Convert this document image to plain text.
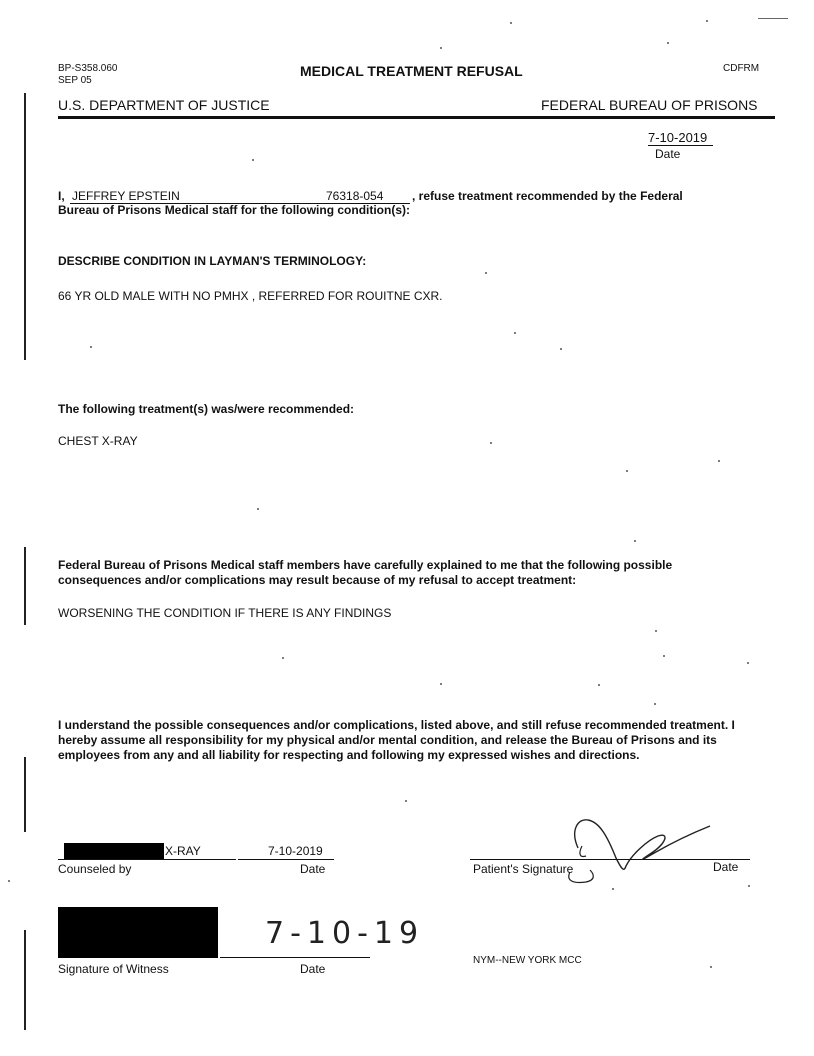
BP-S358.060
SEP 05
MEDICAL TREATMENT REFUSAL	CDFRM
U.S. DEPARTMENT OF JUSTICE	FEDERAL BUREAU OF PRISONS
7-10-2019
Date
I, JEFFREY EPSTEIN	76318-054	, refuse treatment recommended by the Federal
Bureau of Prisons Medical staff for the following condition(s):
DESCRIBE CONDITION IN LAYMAN'S TERMINOLOGY:
66 YR OLD MALE WITH NO PMHX , REFERRED FOR ROUITNE CXR.
The following treatment(s) was/were recommended:
CHEST X-RAY
Federal Bureau of Prisons Medical staff members have carefully explained to me that the following possible consequences and/or complications may result because of my refusal to accept treatment:
WORSENING THE CONDITION IF THERE IS ANY FINDINGS
I understand the possible consequences and/or complications, listed above, and still refuse recommended treatment. I hereby assume all responsibility for my physical and/or mental condition, and release the Bureau of Prisons and its employees from any and all liability for respecting and following my expressed wishes and directions.
X-RAY	7-10-2019
Counseled by	Date	Patient's Signature	Date
7-10-19
Signature of Witness	Date
NYM--NEW YORK MCC
